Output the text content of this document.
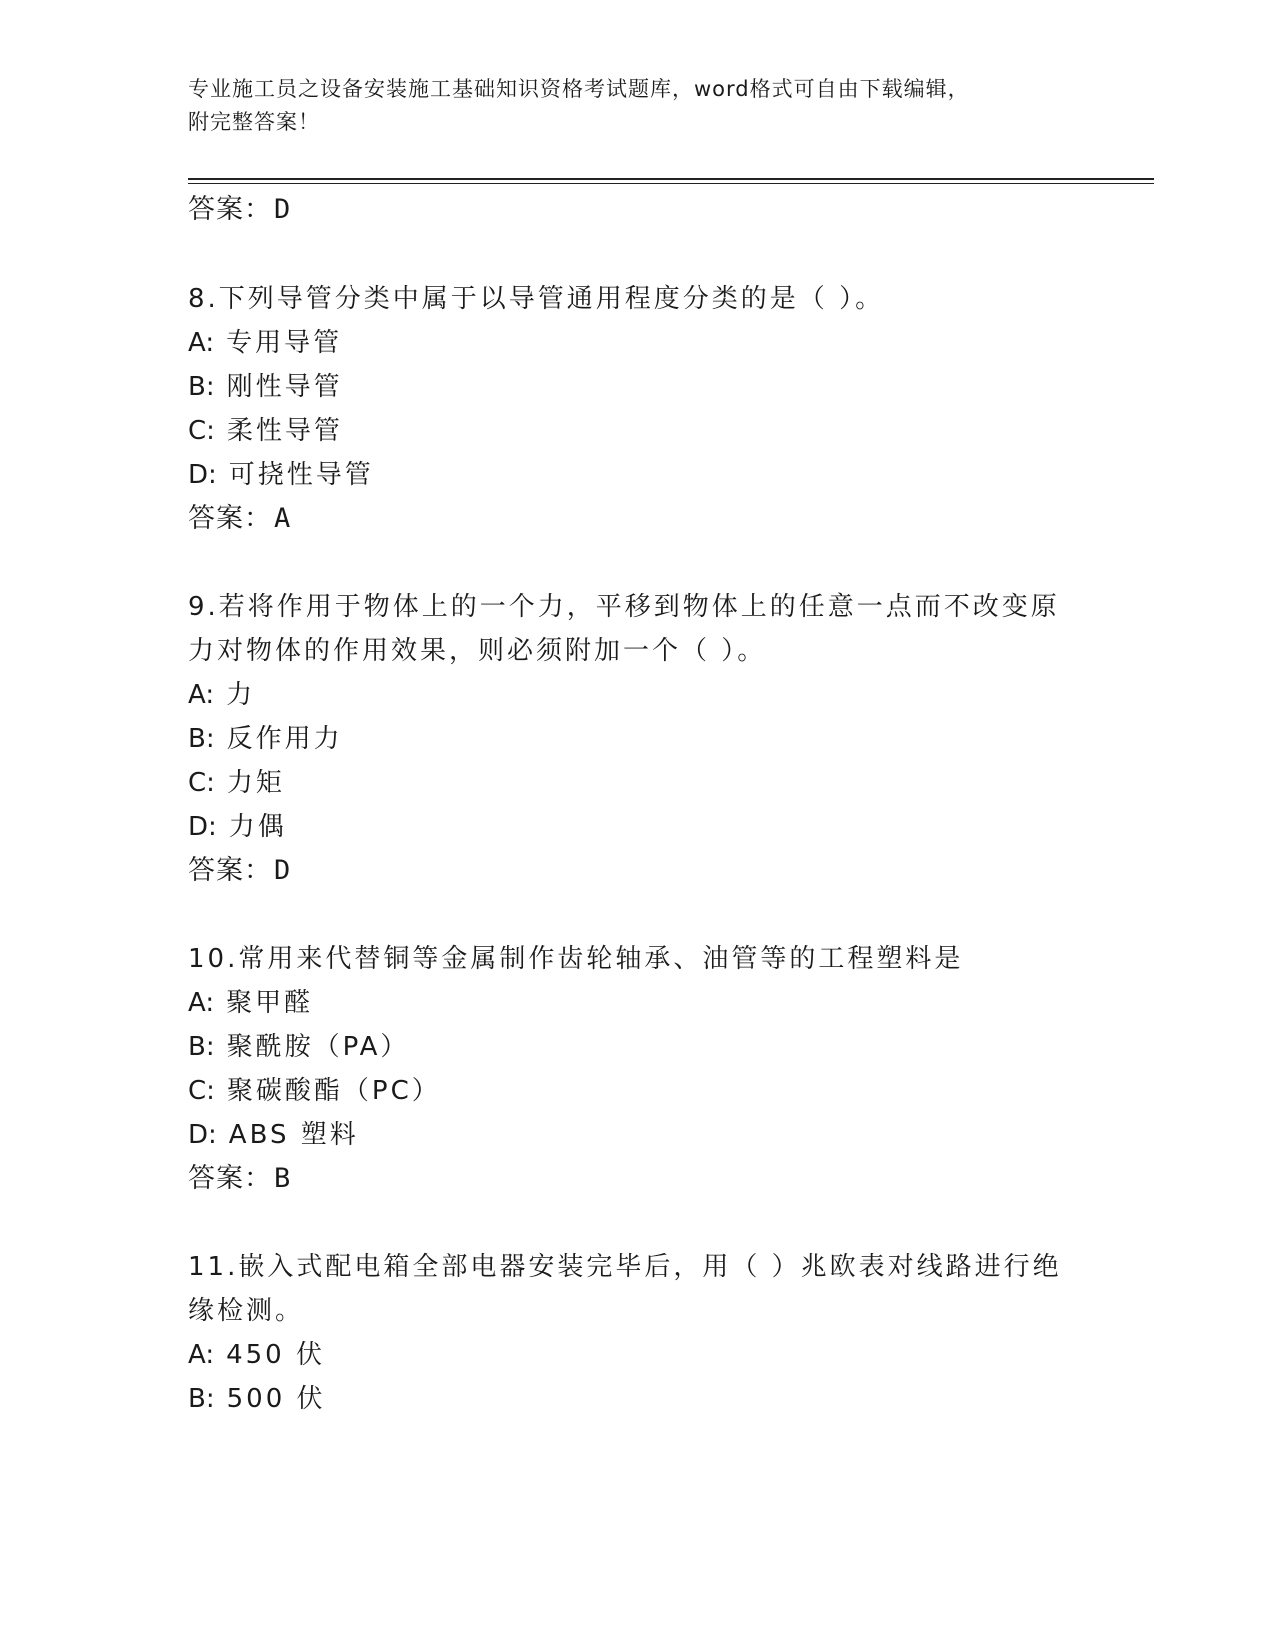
专业施工员之设备安装施工基础知识资格考试题库，word格式可自由下载编辑，
附完整答案！
答案：D
8.下列导管分类中属于以导管通用程度分类的是（ ）。
A: 专用导管
B: 刚性导管
C: 柔性导管
D: 可挠性导管
答案：A
9.若将作用于物体上的一个力，平移到物体上的任意一点而不改变原
力对物体的作用效果，则必须附加一个（ ）。
A: 力
B: 反作用力
C: 力矩
D: 力偶
答案：D
10.常用来代替铜等金属制作齿轮轴承、油管等的工程塑料是
A: 聚甲醛
B: 聚酰胺（PA）
C: 聚碳酸酯（PC）
D: ABS 塑料
答案：B
11.嵌入式配电箱全部电器安装完毕后，用（ ）兆欧表对线路进行绝
缘检测。
A: 450 伏
B: 500 伏
